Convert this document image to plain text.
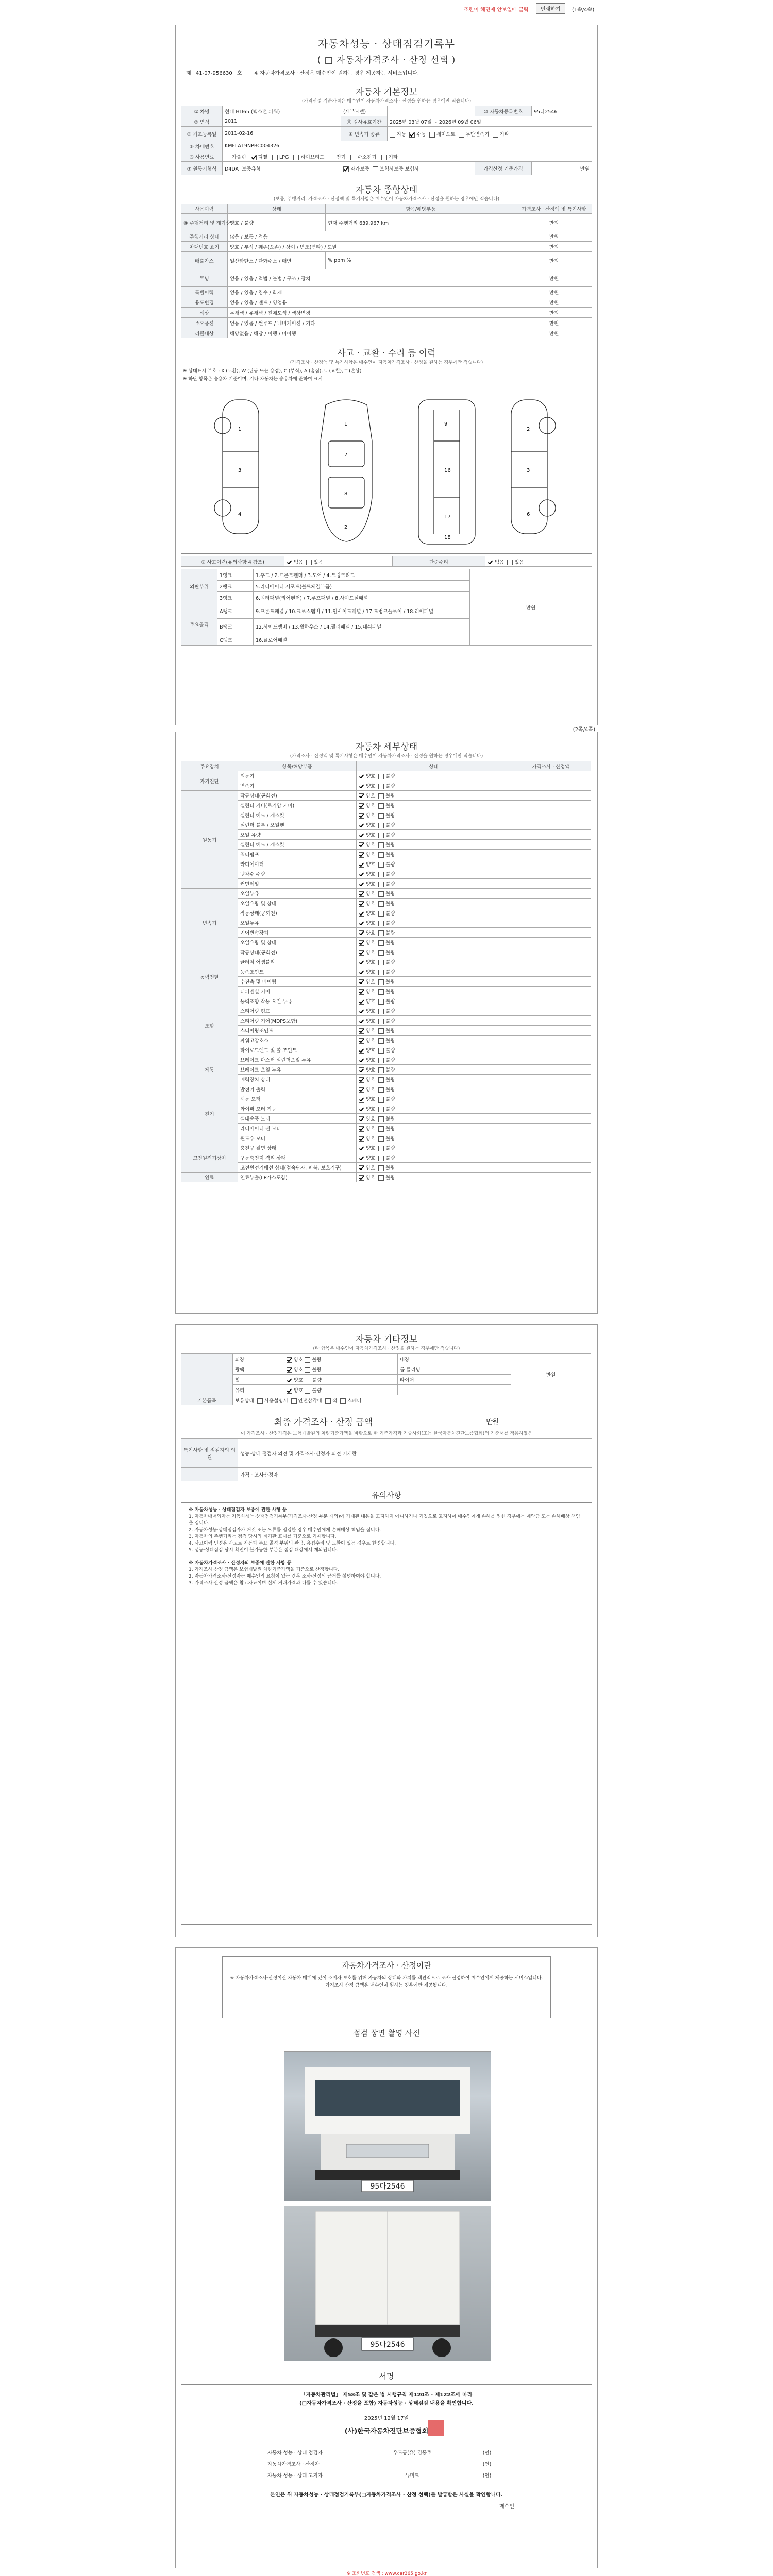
조련이 해면에 안보일때 클릭	인쇄하기	(1쪽/4쪽)
자동차성능 · 상태점검기록부
( □ 자동차가격조사 · 산정 선택 )
제 41-07-956630 호 ※ 자동차가격조사 · 산정은 매수인이 원하는 경우 제공하는 서비스입니다.
자동차 기본정보
(가격산정 기준가격은 매수인이 자동차가격조사 · 산정을 원하는 경우에만 적습니다)
① 차명	현대 HD65 (렉스턴 파워)	(세부모델)		⑩ 자동차등록번호	95다2546
② 연식	2011	⑪ 검사유효기간	2025년 03월 07일 ~ 2026년 09월 06일		
③ 최초등록일	2011-02-16	④ 변속기 종류	자동 수동 세미오토 무단변속기 기타		
⑤ 차대번호	KMFLA19NPBC004326				
⑥ 사용연료	가솔린 디젤 LPG 하이브리드 전기 수소전기 기타				
⑦ 원동기형식	D4DA 보증유형	자가보증 보험사보증 보험사		가격산정 기준가격	만원
자동차 종합상태
(보증, 주행거리, 가격조사 · 산정액 및 특기사항은 매수인이 자동차가격조사 · 산정을 원하는 경우에만 적습니다)
사용이력	상태	항목/해당부품	가격조사 · 산정액 및 특기사항
⑧ 주행거리 및 계기상태	양호 / 불량	현재 주행거리 639,967 km	만원
주행거리 상태	많음 / 보통 / 적음		만원
차대번호 표기	양호 / 부식 / 훼손(오손) / 상이 / 변조(변타) / 도말		만원
배출가스	일산화탄소 / 탄화수소 / 매연	% ppm %	만원
튜닝	없음 / 있음 / 적법 / 불법 / 구조 / 장치		만원
특별이력	없음 / 있음 / 침수 / 화재		만원
용도변경	없음 / 있음 / 렌트 / 영업용		만원
색상	무채색 / 유채색 / 전체도색 / 색상변경		만원
주요옵션	없음 / 있음 / 썬루프 / 네비게이션 / 기타		만원
리콜대상	해당없음 / 해당 / 이행 / 미이행		만원
사고 · 교환 · 수리 등 이력
(가격조사 · 산정액 및 특기사항은 매수인이 자동차가격조사 · 산정을 원하는 경우에만 적습니다)
※ 상태표시 부호 : X (교환), W (판금 또는 용접), C (부식), A (흠집), U (요철), T (손상)
※ 하단 항목은 승용차 기준이며, 기타 자동차는 승용차에 준하여 표시
1
3
4
1
7
8
2
9
16
17
18
2
3
6
⑨ 사고이력(유의사항 4 참조)	없음 있음	단순수리	없음 있음
외판부위	1랭크	1.후드 / 2.프론트펜더 / 3.도어 / 4.트렁크리드	만원
	2랭크	5.라디에이터 서포트(볼트체결부품)	
	3랭크	6.쿼터패널(리어펜더) / 7.루프패널 / 8.사이드실패널	
주요골격	A랭크	9.프론트패널 / 10.크로스멤버 / 11.인사이드패널 / 17.트렁크플로어 / 18.리어패널	
	B랭크	12.사이드멤버 / 13.휠하우스 / 14.필러패널 / 15.대쉬패널	
	C랭크	16.플로어패널	
(2쪽/4쪽)
자동차 세부상태
(가격조사 · 산정액 및 특기사항은 매수인이 자동차가격조사 · 산정을 원하는 경우에만 적습니다)
주요장치	항목/해당부품	상태	가격조사 · 산정액
자기진단	원동기	양호 불량	
	변속기	양호 불량	
원동기	작동상태(공회전)	양호 불량	
	실린더 커버(로커암 커버)	양호 불량	
	실린더 헤드 / 개스킷	양호 불량	
	실린더 블록 / 오일팬	양호 불량	
	오일 유량	양호 불량	
	실린더 헤드 / 개스킷	양호 불량	
	워터펌프	양호 불량	
	라디에이터	양호 불량	
	냉각수 수량	양호 불량	
	커먼레일	양호 불량	
변속기	오일누유	양호 불량	
	오일유량 및 상태	양호 불량	
	작동상태(공회전)	양호 불량	
	오일누유	양호 불량	
	기어변속장치	양호 불량	
	오일유량 및 상태	양호 불량	
	작동상태(공회전)	양호 불량	
동력전달	클러치 어셈블리	양호 불량	
	등속조인트	양호 불량	
	추진축 및 베어링	양호 불량	
	디퍼렌셜 기어	양호 불량	
조향	동력조향 작동 오일 누유	양호 불량	
	스티어링 펌프	양호 불량	
	스티어링 기어(MDPS포함)	양호 불량	
	스티어링조인트	양호 불량	
	파워고압호스	양호 불량	
	타이로드엔드 및 볼 조인트	양호 불량	
제동	브레이크 마스터 실린더오일 누유	양호 불량	
	브레이크 오일 누유	양호 불량	
	배력장치 상태	양호 불량	
전기	발전기 출력	양호 불량	
	시동 모터	양호 불량	
	와이퍼 모터 기능	양호 불량	
	실내송풍 모터	양호 불량	
	라디에이터 팬 모터	양호 불량	
	윈도우 모터	양호 불량	
고전원전기장치	충전구 절연 상태	양호 불량	
	구동축전지 격리 상태	양호 불량	
	고전원전기배선 상태(접속단자, 피복, 보호기구)	양호 불량	
연료	연료누출(LP가스포함)	양호 불량	
자동차 기타정보
(타 항목은 매수인이 자동차가격조사 · 산정을 원하는 경우에만 적습니다)
	외장	양호 불량	내장	만원
	광택	양호 불량	룸 클리닝	
	휠	양호 불량	타이어	
	유리	양호 불량		
기본품목	보유상태 사용설명서 안전삼각대 잭 스패너			
최종 가격조사 · 산정 금액	만원
이 가격조사 · 산정가격은 보험개발원의 차량기준가액을 바탕으로 한 기준가격과 기술사회(또는 한국자동차진단보증협회)의 기준서를 적용하였음
특기사항 및 점검자의 의견	성능·상태 점검자 의견 및 가격조사·산정자 의견 기재란
	가격 · 조사산정자
유의사항
※ 자동차성능 · 상태점검자 보증에 관한 사항 등
1. 자동차매매업자는 자동차성능·상태점검기록부(가격조사·산정 부분 제외)에 기재된 내용을 고지하지 아니하거나 거짓으로 고지하여 매수인에게 손해를 입힌 경우에는 계약금 또는 손해배상 책임을 집니다.
2. 자동차성능·상태점검자가 거짓 또는 오류를 점검한 경우 매수인에게 손해배상 책임을 집니다.
3. 자동차의 주행거리는 점검 당시의 계기판 표시를 기준으로 기재합니다.
4. 사고이력 인정은 사고로 자동차 주요 골격 부위의 판금, 용접수리 및 교환이 있는 경우로 한정합니다.
5. 성능·상태점검 당시 확인이 불가능한 부분은 점검 대상에서 제외됩니다.
※ 자동차가격조사 · 산정자의 보증에 관한 사항 등
1. 가격조사·산정 금액은 보험개발원 차량기준가액을 기준으로 산정합니다.
2. 자동차가격조사·산정자는 매수인의 요청이 있는 경우 조사·산정의 근거를 설명하여야 합니다.
3. 가격조사·산정 금액은 참고자료이며 실제 거래가격과 다를 수 있습니다.
자동차가격조사 · 산정이란
※ 자동차가격조사·산정이란 자동차 매매에 있어 소비자 보호를 위해 자동차의 상태와 가치를 객관적으로 조사·산정하여 매수인에게 제공하는 서비스입니다. 가격조사·산정 금액은 매수인이 원하는 경우에만 제공됩니다.
점검 장면 촬영 사진
95다2546
95다2546
서명
「자동차관리법」 제58조 및 같은 법 시행규칙 제120조 · 제122조에 따라
(□자동차가격조사 · 산정을 포함) 자동차성능 · 상태점검 내용을 확인합니다.
2025년 12월 17일
(사)한국자동차진단보증협회
자동차 성능 · 상태 점검자	우도동(유) 김동주	(인)
자동차가격조사 · 산정자		(인)
자동차 성능 · 상태 고지자	뉴머트	(인)
본인은 위 자동차성능 · 상태점검기록부(□자동차가격조사 · 산정 선택)를 발급받은 사실을 확인합니다.
매수인
※ 조회번호 검색 : www.car365.go.kr
